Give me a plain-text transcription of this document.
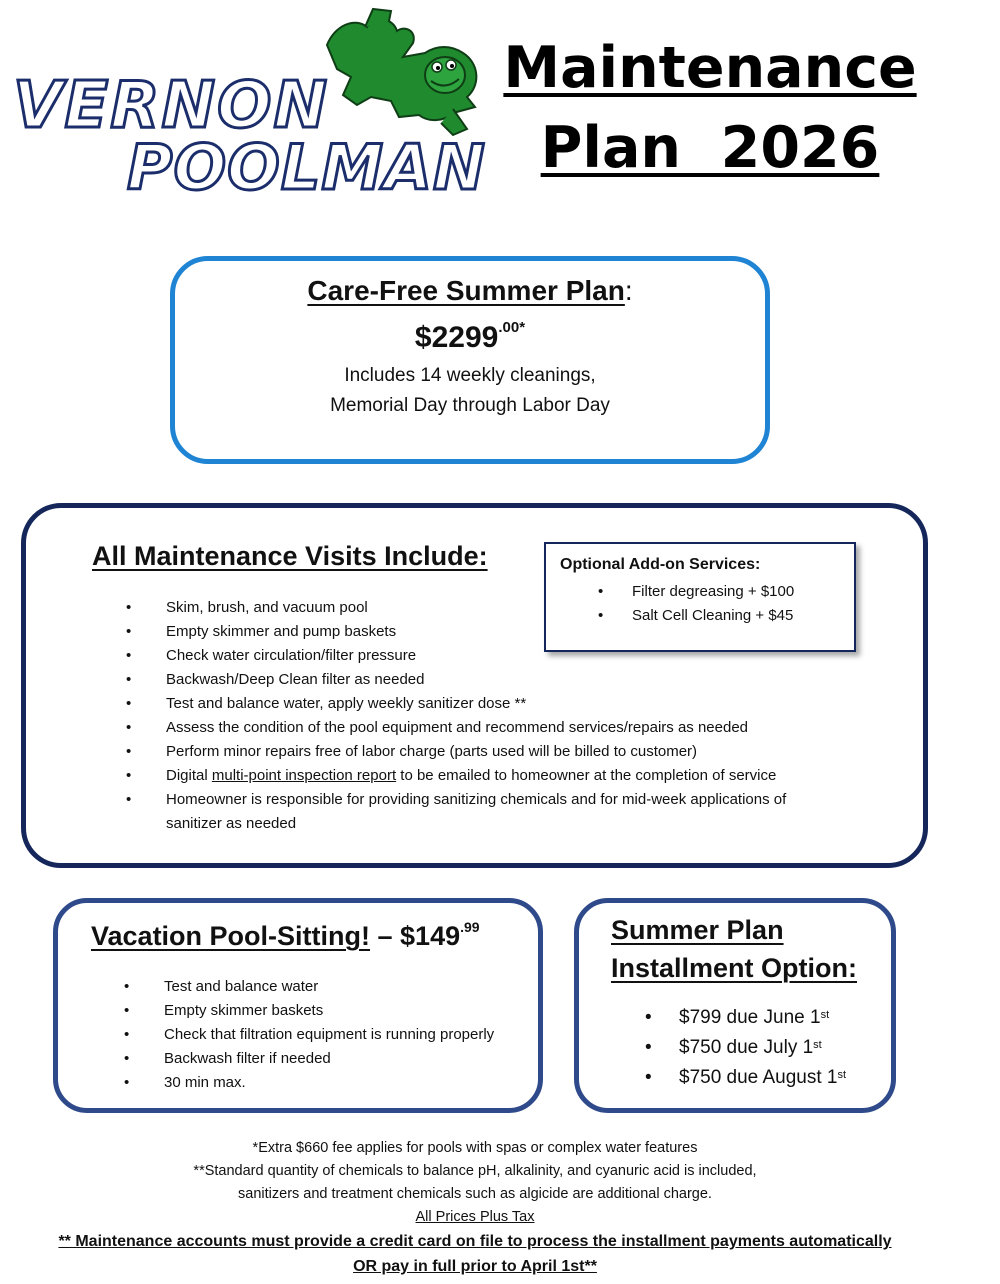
VERNON
POOLMAN
Maintenance
Plan  2026
Care-Free Summer Plan:
$\$2299^{.00*}$
Includes 14 weekly cleanings,
Memorial Day through Labor Day
All Maintenance Visits Include:
• Skim, brush, and vacuum pool
• Empty skimmer and pump baskets
• Check water circulation/filter pressure
• Backwash/Deep Clean filter as needed
• Test and balance water, apply weekly sanitizer dose **
• Assess the condition of the pool equipment and recommend services/repairs as needed
• Perform minor repairs free of labor charge (parts used will be billed to customer)
• Digital multi-point inspection report to be emailed to homeowner at the completion of service
• Homeowner is responsible for providing sanitizing chemicals and for mid-week applications of sanitizer as needed
Optional Add-on Services:
• Filter degreasing + $100
• Salt Cell Cleaning + $45
Vacation Pool-Sitting! – $\$149^{.99}$
• Test and balance water
• Empty skimmer baskets
• Check that filtration equipment is running properly
• Backwash filter if needed
• 30 min max.
Summer Plan
Installment Option:
• $799 due June 1st
• $750 due July 1st
• $750 due August 1st
*Extra $660 fee applies for pools with spas or complex water features
**Standard quantity of chemicals to balance pH, alkalinity, and cyanuric acid is included,
sanitizers and treatment chemicals such as algicide are additional charge.
All Prices Plus Tax
** Maintenance accounts must provide a credit card on file to process the installment payments automatically
OR pay in full prior to April 1st**
